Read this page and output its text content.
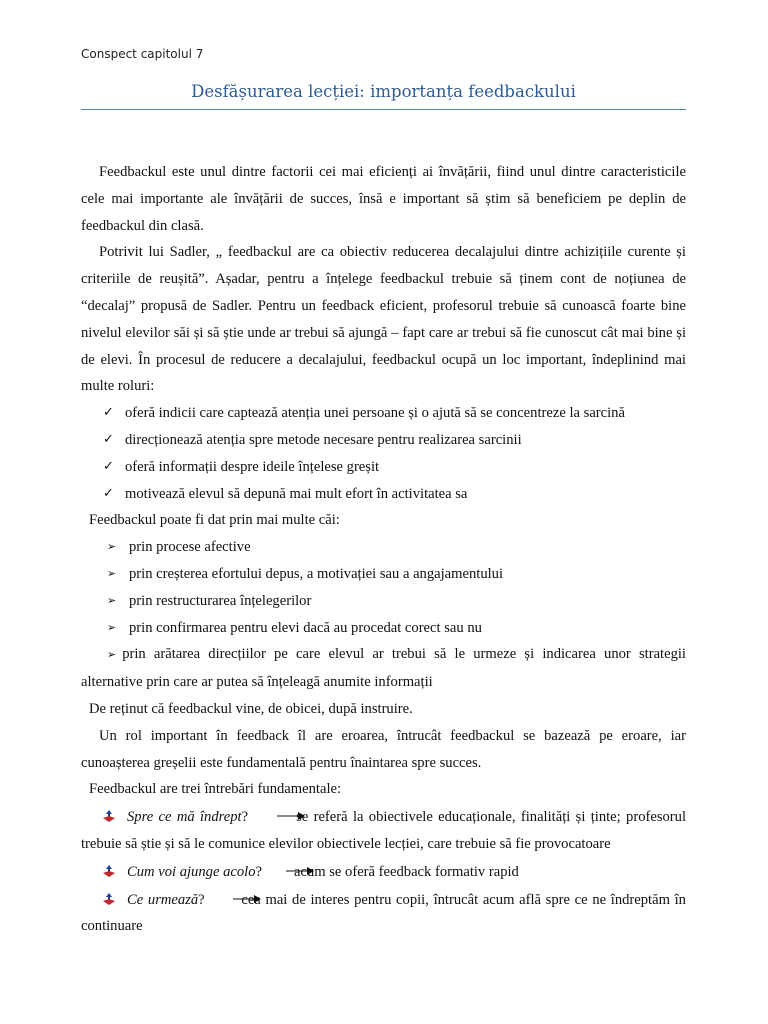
Conspect capitolul 7
Desfășurarea lecției: importanța feedbackului

Feedbackul este unul dintre factorii cei mai eficienți ai învățării, fiind unul dintre caracteristicile cele mai importante ale învățării de succes, însă e important să știm să beneficiem pe deplin de feedbackul din clasă.

Potrivit lui Sadler, „ feedbackul are ca obiectiv reducerea decalajului dintre achizițiile curente și criteriile de reușită”. Așadar, pentru a înțelege feedbackul trebuie să ținem cont de noțiunea de “decalaj” propusă de Sadler. Pentru un feedback eficient, profesorul trebuie să cunoască foarte bine nivelul elevilor săi și să știe unde ar trebui să ajungă – fapt care ar trebui să fie cunoscut cât mai bine și de elevi. În procesul de reducere a decalajului, feedbackul ocupă un loc important, îndeplinind mai multe roluri:

✓ oferă indicii care captează atenția unei persoane și o ajută să se concentreze la sarcină
✓ direcționează atenția spre metode necesare pentru realizarea sarcinii
✓ oferă informații despre ideile înțelese greșit
✓ motivează elevul să depună mai mult efort în activitatea sa

Feedbackul poate fi dat prin mai multe căi:

➢ prin procese afective
➢ prin creșterea efortului depus, a motivației sau a angajamentului
➢ prin restructurarea înțelegerilor
➢ prin confirmarea pentru elevi dacă au procedat corect sau nu

➢ prin arătarea direcțiilor pe care elevul ar trebui să le urmeze și indicarea unor strategii alternative prin care ar putea să înțeleagă anumite informații

De reținut că feedbackul vine, de obicei, după instruire.

Un rol important în feedback îl are eroarea, întrucât feedbackul se bazează pe eroare, iar cunoașterea greșelii este fundamentală pentru înaintarea spre succes.

Feedbackul are trei întrebări fundamentale:

Spre ce mă îndrept?	se referă la obiectivele educaționale, finalități și ținte; profesorul trebuie să știe și să le comunice elevilor obiectivele lecției, care trebuie să fie provocatoare

Cum voi ajunge acolo? acum se oferă feedback formativ rapid

Ce urmează?	cea mai de interes pentru copii, întrucât acum află spre ce ne îndreptăm în continuare
